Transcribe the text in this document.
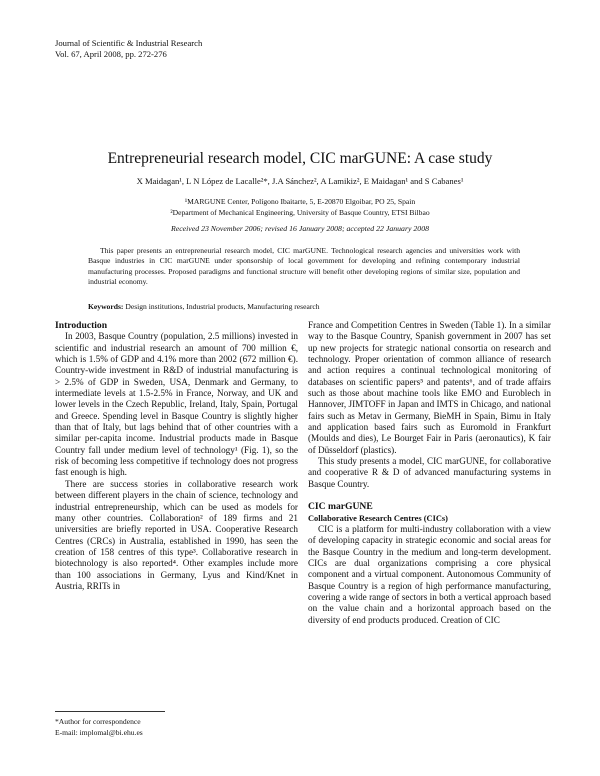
Journal of Scientific & Industrial Research
Vol. 67, April 2008, pp. 272-276
Entrepreneurial research model, CIC marGUNE: A case study
X Maidagan¹, L N López de Lacalle²*, J.A Sánchez², A Lamikiz², E Maidagan¹ and S Cabanes¹
¹MARGUNE Center, Polígono Ibaitarte, 5, E-20870 Elgoibar, PO 25, Spain
²Department of Mechanical Engineering, University of Basque Country, ETSI Bilbao
Received 23 November 2006; revised 16 January 2008; accepted 22 January 2008
This paper presents an entrepreneurial research model, CIC marGUNE. Technological research agencies and universities work with Basque industries in CIC marGUNE under sponsorship of local government for developing and refining contemporary industrial manufacturing processes. Proposed paradigms and functional structure will benefit other developing regions of similar size, population and industrial economy.
Keywords: Design institutions, Industrial products, Manufacturing research
Introduction

In 2003, Basque Country (population, 2.5 millions) invested in scientific and industrial research an amount of 700 million €, which is 1.5% of GDP and 4.1% more than 2002 (672 million €). Country-wide investment in R&D of industrial manufacturing is > 2.5% of GDP in Sweden, USA, Denmark and Germany, to intermediate levels at 1.5-2.5% in France, Norway, and UK and lower levels in the Czech Republic, Ireland, Italy, Spain, Portugal and Greece. Spending level in Basque Country is slightly higher than that of Italy, but lags behind that of other countries with a similar per-capita income. Industrial products made in Basque Country fall under medium level of technology¹ (Fig. 1), so the risk of becoming less competitive if technology does not progress fast enough is high.

There are success stories in collaborative research work between different players in the chain of science, technology and industrial entrepreneurship, which can be used as models for many other countries. Collaboration² of 189 firms and 21 universities are briefly reported in USA. Cooperative Research Centres (CRCs) in Australia, established in 1990, has seen the creation of 158 centres of this type³. Collaborative research in biotechnology is also reported⁴. Other examples include more than 100 associations in Germany, Lyus and Kind/Knet in Austria, RRITs in

France and Competition Centres in Sweden (Table 1). In a similar way to the Basque Country, Spanish government in 2007 has set up new projects for strategic national consortia on research and technology. Proper orientation of common alliance of research and action requires a continual technological monitoring of databases on scientific papers⁵ and patents⁶, and of trade affairs such as those about machine tools like EMO and Euroblech in Hannover, JIMTOFF in Japan and IMTS in Chicago, and national fairs such as Metav in Germany, BieMH in Spain, Bimu in Italy and application based fairs such as Euromold in Frankfurt (Moulds and dies), Le Bourget Fair in Paris (aeronautics), K fair of Düsseldorf (plastics).

This study presents a model, CIC marGUNE, for collaborative and cooperative R & D of advanced manufacturing systems in Basque Country.

CIC marGUNE
Collaborative Research Centres (CICs)

CIC is a platform for multi-industry collaboration with a view of developing capacity in strategic economic and social areas for the Basque Country in the medium and long-term development. CICs are dual organizations comprising a core physical component and a virtual component. Autonomous Community of Basque Country is a region of high performance manufacturing, covering a wide range of sectors in both a vertical approach based on the value chain and a horizontal approach based on the diversity of end products produced. Creation of CIC

*Author for correspondence
E-mail: implomal@bi.ehu.es
